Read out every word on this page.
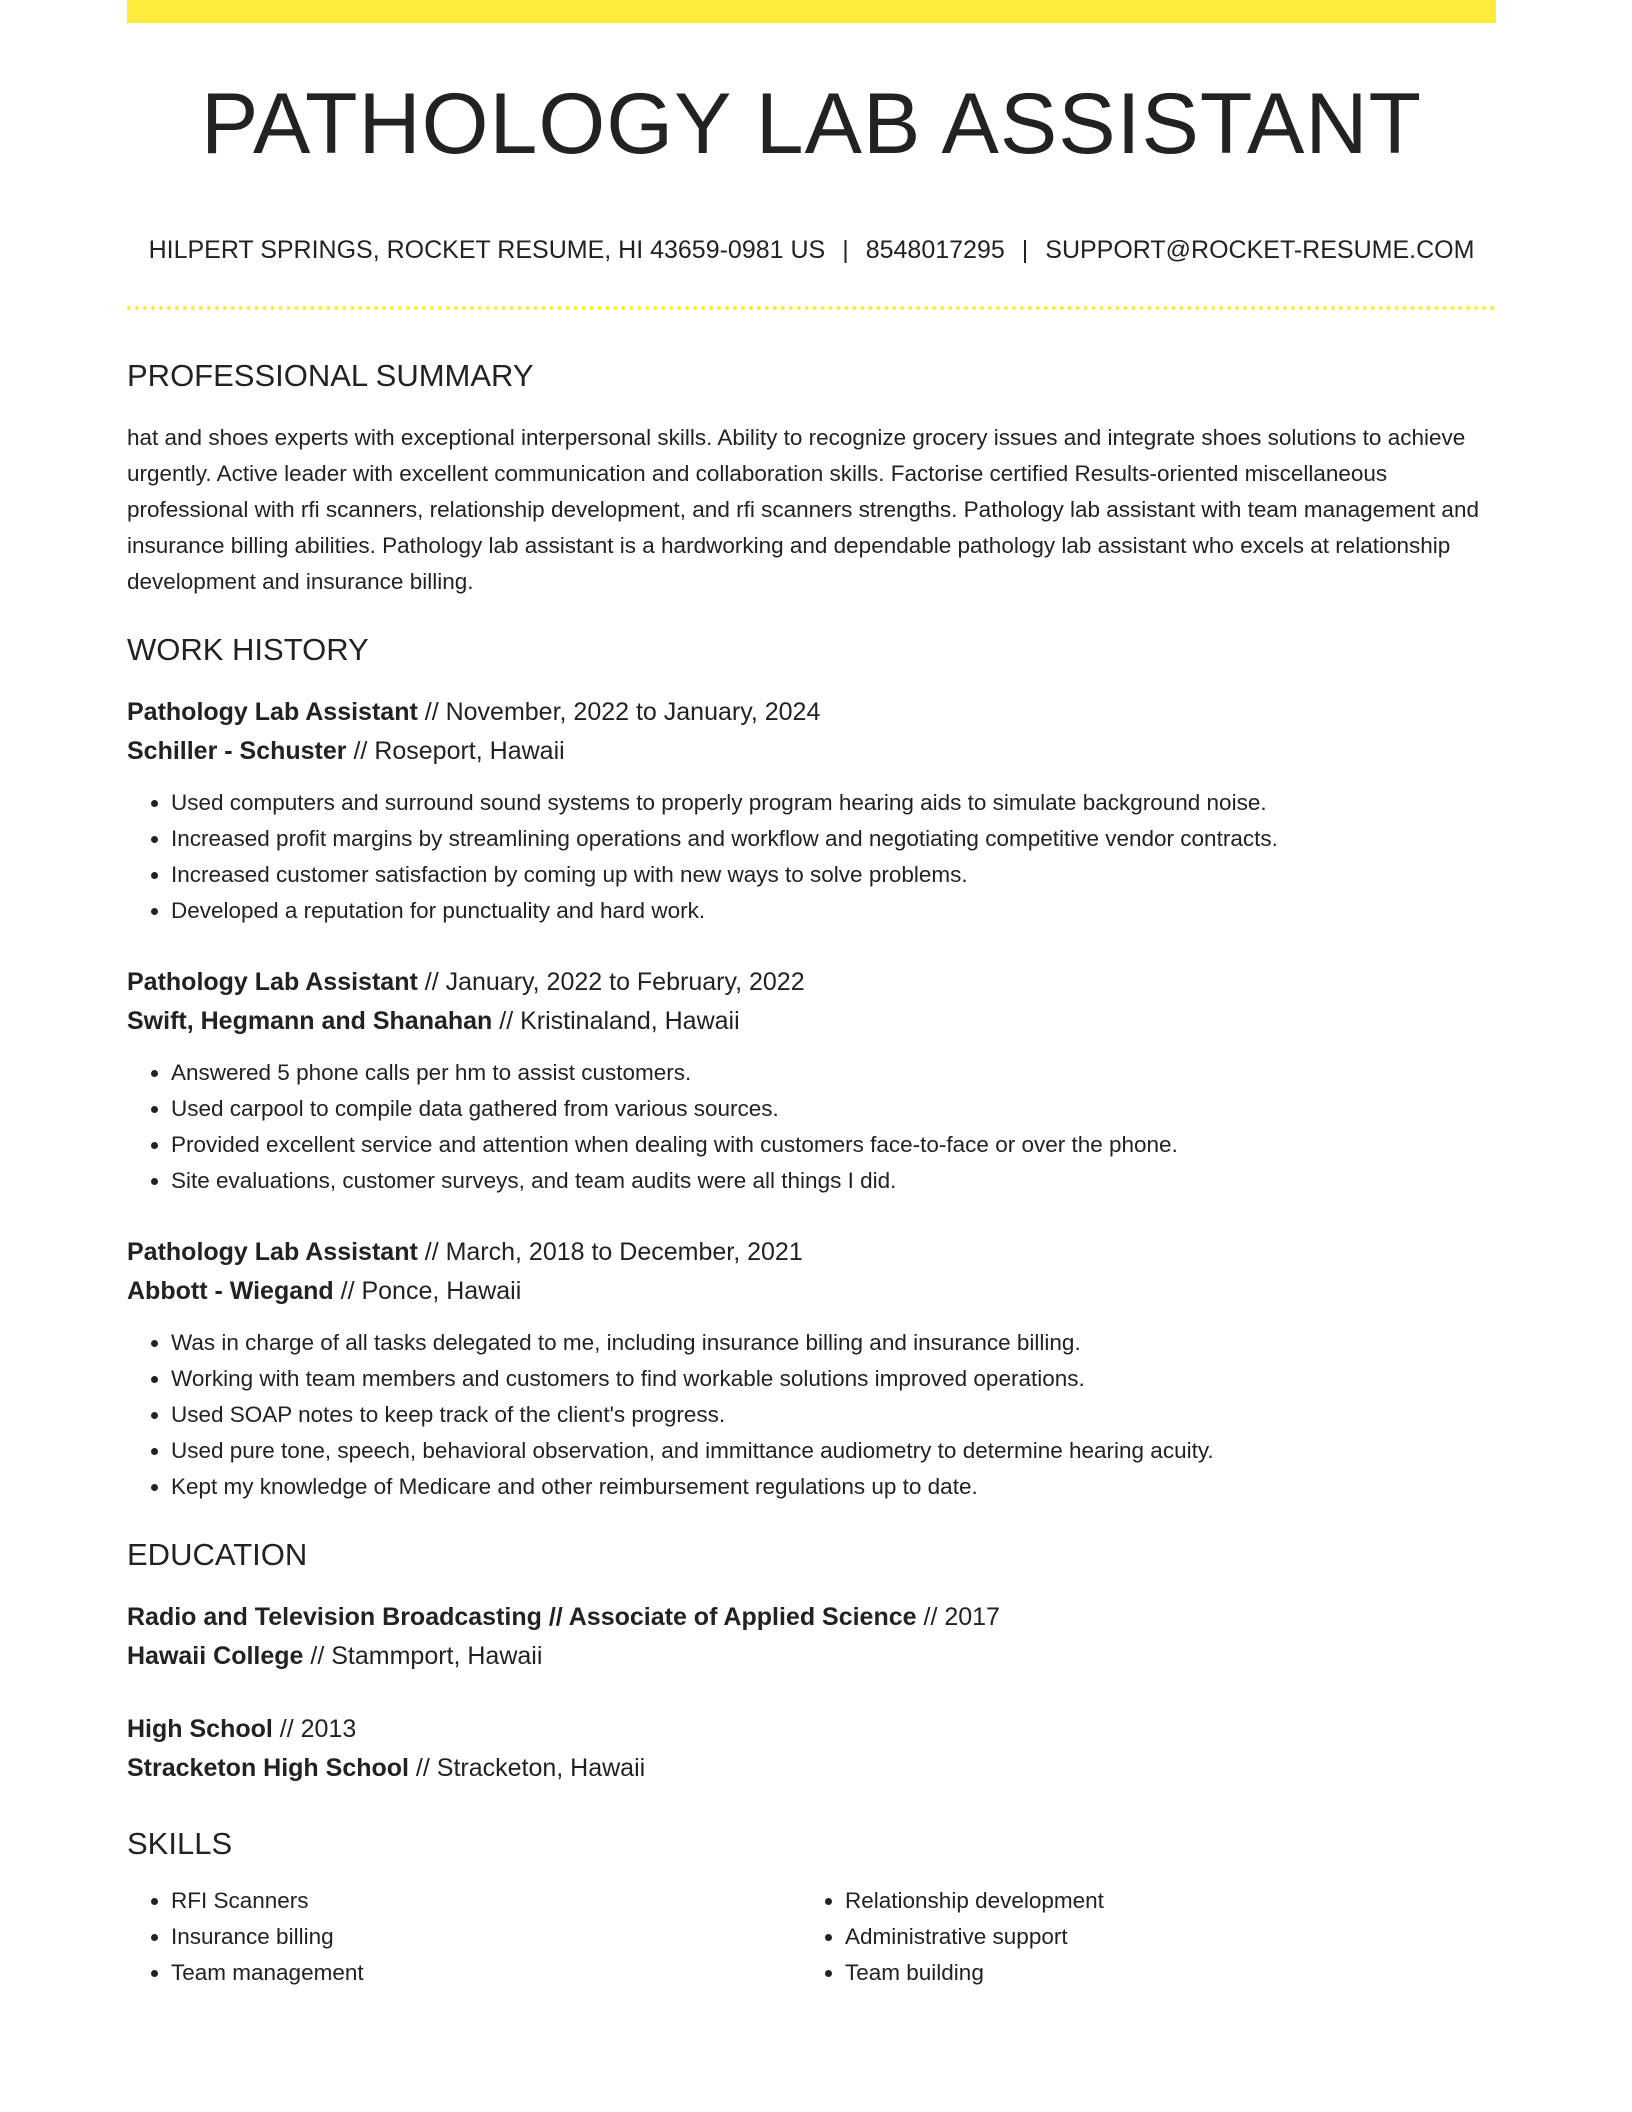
PATHOLOGY LAB ASSISTANT
HILPERT SPRINGS, ROCKET RESUME, HI 43659-0981 US | 8548017295 | SUPPORT@ROCKET-RESUME.COM
PROFESSIONAL SUMMARY

hat and shoes experts with exceptional interpersonal skills. Ability to recognize grocery issues and integrate shoes solutions to achieve urgently. Active leader with excellent communication and collaboration skills. Factorise certified Results-oriented miscellaneous professional with rfi scanners, relationship development, and rfi scanners strengths. Pathology lab assistant with team management and insurance billing abilities. Pathology lab assistant is a hardworking and dependable pathology lab assistant who excels at relationship development and insurance billing.

WORK HISTORY
Pathology Lab Assistant // November, 2022 to January, 2024
Schiller - Schuster // Roseport, Hawaii
• Used computers and surround sound systems to properly program hearing aids to simulate background noise.
• Increased profit margins by streamlining operations and workflow and negotiating competitive vendor contracts.
• Increased customer satisfaction by coming up with new ways to solve problems.
• Developed a reputation for punctuality and hard work.
Pathology Lab Assistant // January, 2022 to February, 2022
Swift, Hegmann and Shanahan // Kristinaland, Hawaii
• Answered 5 phone calls per hm to assist customers.
• Used carpool to compile data gathered from various sources.
• Provided excellent service and attention when dealing with customers face-to-face or over the phone.
• Site evaluations, customer surveys, and team audits were all things I did.
Pathology Lab Assistant // March, 2018 to December, 2021
Abbott - Wiegand // Ponce, Hawaii
• Was in charge of all tasks delegated to me, including insurance billing and insurance billing.
• Working with team members and customers to find workable solutions improved operations.
• Used SOAP notes to keep track of the client's progress.
• Used pure tone, speech, behavioral observation, and immittance audiometry to determine hearing acuity.
• Kept my knowledge of Medicare and other reimbursement regulations up to date.
EDUCATION
Radio and Television Broadcasting // Associate of Applied Science // 2017
Hawaii College // Stammport, Hawaii
High School // 2013
Stracketon High School // Stracketon, Hawaii
SKILLS
• RFI Scanners
• Insurance billing
• Team management
• Relationship development
• Administrative support
• Team building
